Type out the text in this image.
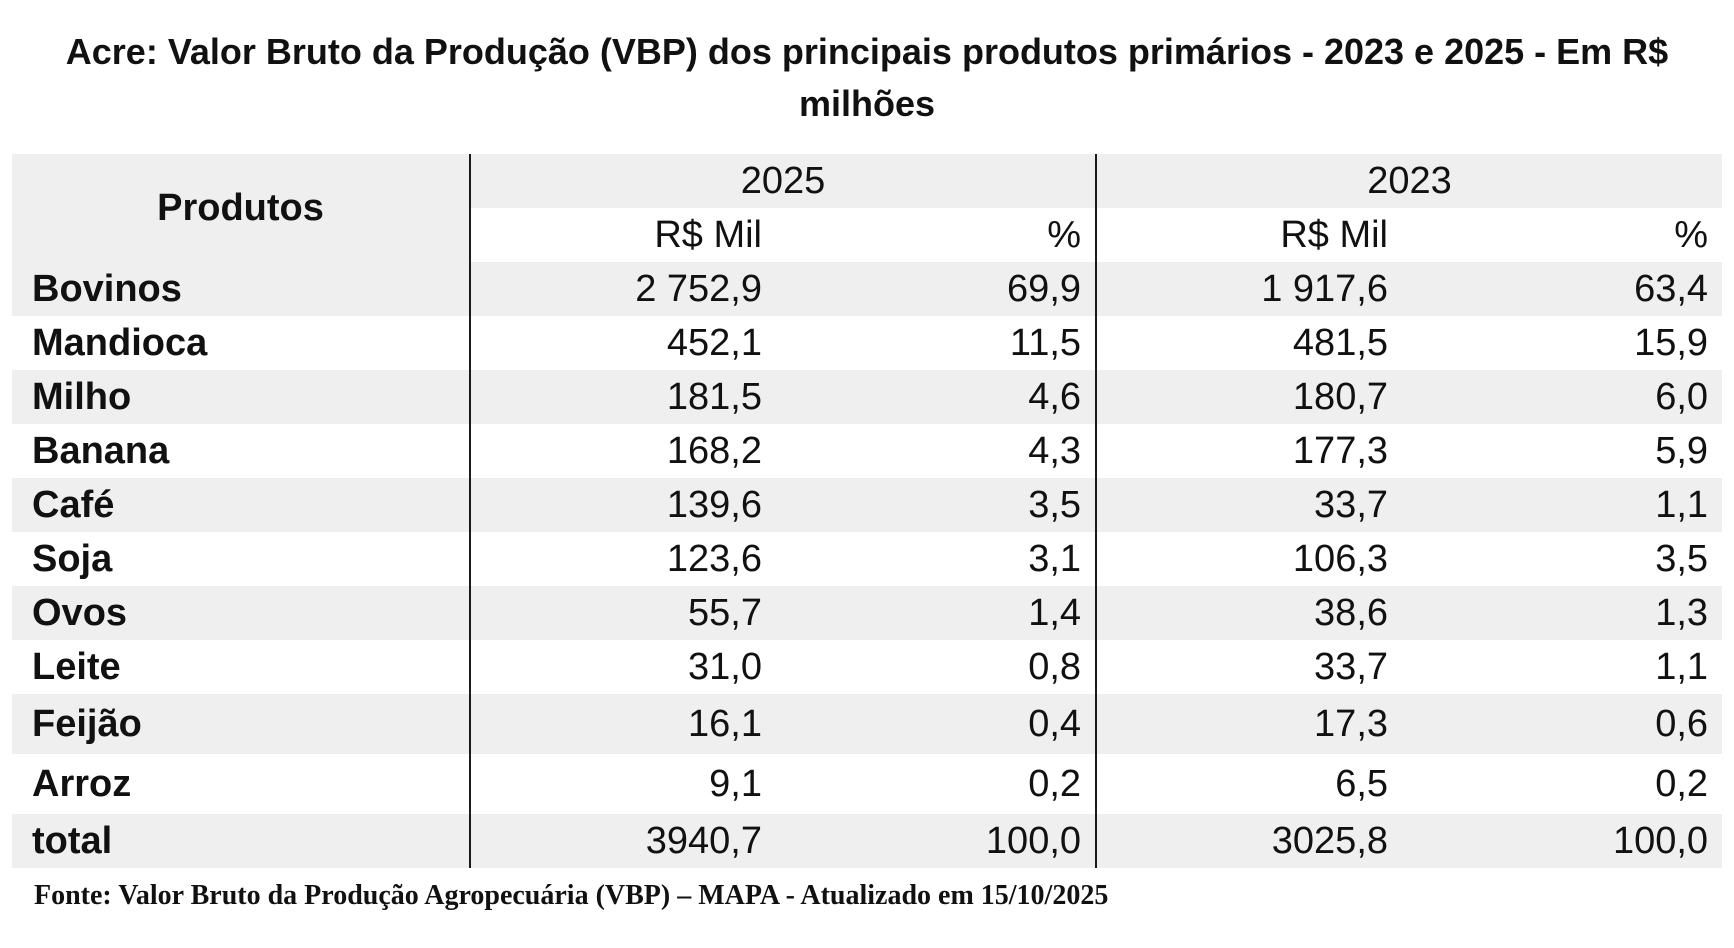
Acre: Valor Bruto da Produção (VBP) dos principais produtos primários - 2023 e 2025 - Em R$
milhões
Produtos	2025		2023	
	R$ Mil	%	R$ Mil	%
Bovinos	2 752,9	69,9	1 917,6	63,4
Mandioca	452,1	11,5	481,5	15,9
Milho	181,5	4,6	180,7	6,0
Banana	168,2	4,3	177,3	5,9
Café	139,6	3,5	33,7	1,1
Soja	123,6	3,1	106,3	3,5
Ovos	55,7	1,4	38,6	1,3
Leite	31,0	0,8	33,7	1,1
Feijão	16,1	0,4	17,3	0,6
Arroz	9,1	0,2	6,5	0,2
total	3940,7	100,0	3025,8	100,0
Fonte: Valor Bruto da Produção Agropecuária (VBP) – MAPA - Atualizado em 15/10/2025
